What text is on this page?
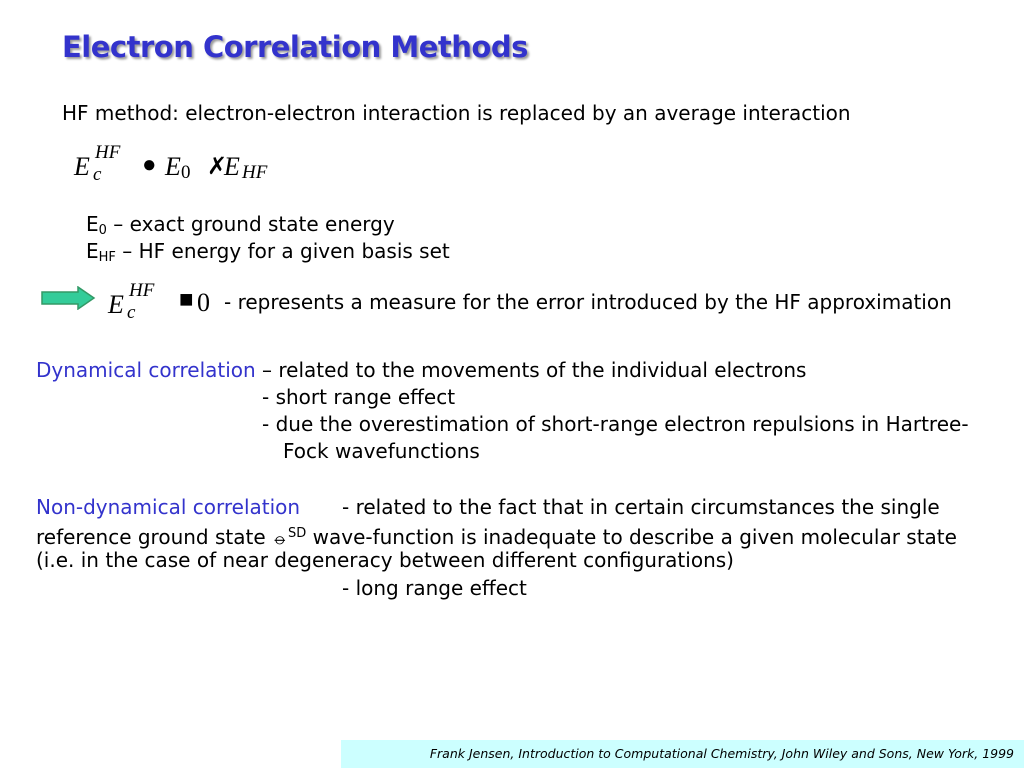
Electron Correlation Methods
HF method: electron-electron interaction is replaced by an average interaction
E HF
c ● E 0 ✗
E HF
$E_0$ – exact ground state energy
$E_{HF}$ – HF energy for a given basis set
E HF
c ■ 0 - represents a measure for the error introduced by the HF approximation
Dynamical correlation – related to the movements of the individual electrons
- short range effect
- due the overestimation of short-range electron repulsions in Hartree-
Fock wavefunctions
Non-dynamical correlation - related to the fact that in certain circumstances the single
reference ground state ⦵$^{SD}$ wave-function is inadequate to describe a given molecular state
(i.e. in the case of near degeneracy between different configurations)
- long range effect
Frank Jensen, Introduction to Computational Chemistry, John Wiley and Sons, New York, 1999
